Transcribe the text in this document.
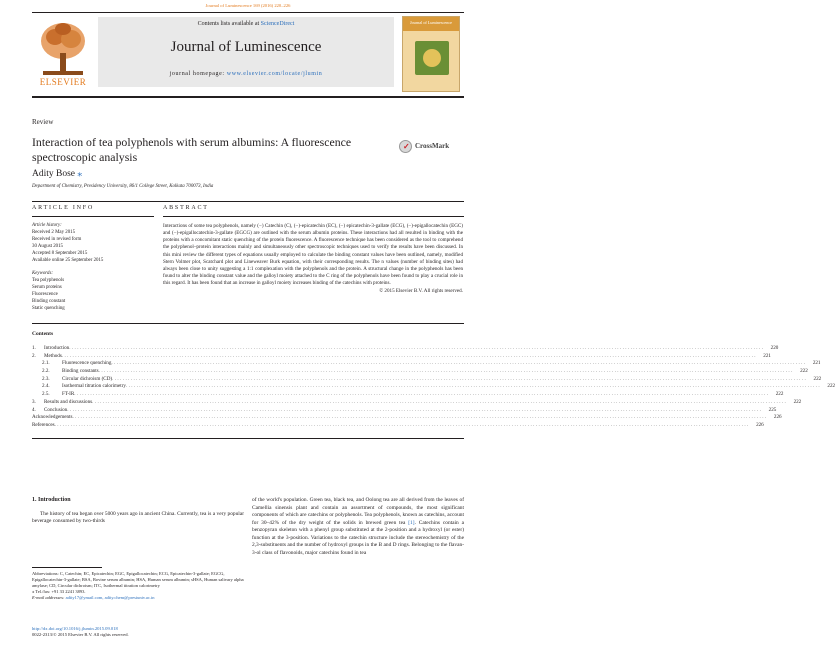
Journal of Luminescence 169 (2016) 220–226
ELSEVIER
Contents lists available at ScienceDirect
Journal of Luminescence
journal homepage: www.elsevier.com/locate/jlumin
Journal of Luminescence
Review
Interaction of tea polyphenols with serum albumins: A fluorescence spectroscopic analysis
✓ CrossMark
Adity Bose ⁎
Department of Chemistry, Presidency University, 86/1 College Street, Kolkata 700073, India
ARTICLE INFO	ABSTRACT
Article history:
Received 2 May 2015
Received in revised form
30 August 2015
Accepted 8 September 2015
Available online 25 September 2015
Keywords:
Tea polyphenols
Serum proteins
Fluorescence
Binding constant
Static quenching
Interactions of some tea polyphenols, namely (−) Catechin (C), (−)-epicatechin (EC), (−) epicatechin-3-gallate (ECG), (−)-epigallocatechin (EGC) and (−)-epigallocatechin-3-gallate (EGCG) are outlined with the serum albumin proteins. These interactions had all resulted in binding with the proteins with a concomitant static quenching of the protein fluorescence. A fluorescence technique has been considered as the tool to comprehend the polyphenol–protein interactions mainly and simultaneously other spectroscopic techniques used to verify the results have been discussed. In this mini review the different types of equations usually employed to calculate the binding constant values have been outlined, namely, modified Stern Volmer plot, Scatchard plot and Lineweaver Burk equation, with their corresponding results. The n values (number of binding sites) had always been close to unity suggesting a 1:1 complexation with the polyphenols and the protein. A structural change in the polyphenols has been found to alter the binding constant value and the galloyl moiety attached to the C ring of the polyphenols have been found to play a crucial role in this regard. It has been found that an increase in galloyl moiety increases binding of the catechins with proteins.
© 2015 Elsevier B.V. All rights reserved.
Contents
1.	Introduction ....................................................................................................................................................................................................................................................................	220
2.	Methods ....................................................................................................................................................................................................................................................................	221
2.1.	Fluorescence quenching ....................................................................................................................................................................................................................................................................	221
2.2.	Binding constants ....................................................................................................................................................................................................................................................................	222
2.3.	Circular dichroism (CD) ....................................................................................................................................................................................................................................................................	222
2.4.	Isothermal titration calorimetry ....................................................................................................................................................................................................................................................................	222
2.5.	FT-IR ....................................................................................................................................................................................................................................................................	222
3.	Results and discussions ....................................................................................................................................................................................................................................................................	222
4.	Conclusion ....................................................................................................................................................................................................................................................................	225
Acknowledgements ....................................................................................................................................................................................................................................................................	226
References ....................................................................................................................................................................................................................................................................	226
1. Introduction
The history of tea began over 5000 years ago in ancient China. Currently, tea is a very popular beverage consumed by two-thirds
of the world's population. Green tea, black tea, and Oolong tea are all derived from the leaves of Camellia sinensis plant and contain an assortment of compounds, the most significant components of which are catechins or polyphenols. Tea polyphenols, known as catechins, account for 30–42% of the dry weight of the solids in brewed green tea [1]. Catechins contain a benzopyran skeleton with a phenyl group substituted at the 2-position and a hydroxyl (or ester) function at the 3-position. Variations to the catechin structure include the stereochemistry of the 2,3-substituents and the number of hydroxyl groups in the B and D rings. Belonging to the flavan-3-ol class of flavonoids, major catechins found in tea
Abbreviations: C, Catechin; EC, Epicatechin; EGC, Epigallocatechin; ECG, Epicatechin-3-gallate; EGCG, Epigallocatechin-3-gallate; BSA, Bovine serum albumin; HSA, Human serum albumin; sHSA, Human salivary alpha amylase; CD, Circular dichroism; ITC, Isothermal titration calorimetry
⁎ Tel./fax: +91 33 2241 3893.
E-mail addresses: adity17@ymail.com, adity.chem@presiuniv.ac.in
http://dx.doi.org/10.1016/j.jlumin.2015.09.018
0022-2313/© 2015 Elsevier B.V. All rights reserved.
